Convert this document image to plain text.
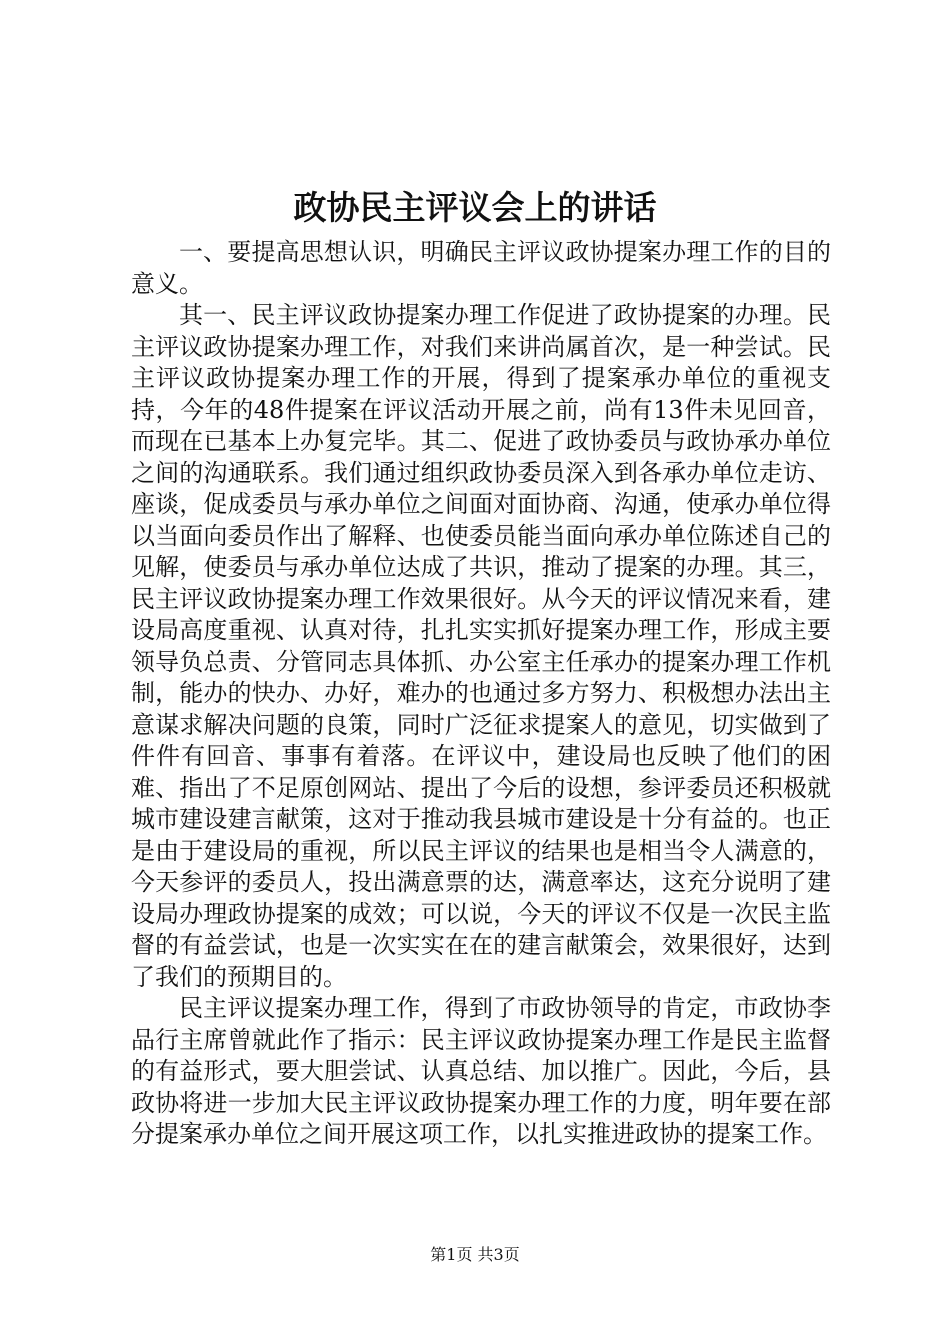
政协民主评议会上的讲话

一、要提高思想认识，明确民主评议政协提案办理工作的目的意义。

其一、民主评议政协提案办理工作促进了政协提案的办理。民主评议政协提案办理工作，对我们来讲尚属首次，是一种尝试。民主评议政协提案办理工作的开展，得到了提案承办单位的重视支持，今年的48件提案在评议活动开展之前，尚有13件未见回音，而现在已基本上办复完毕。其二、促进了政协委员与政协承办单位之间的沟通联系。我们通过组织政协委员深入到各承办单位走访、座谈，促成委员与承办单位之间面对面协商、沟通，使承办单位得以当面向委员作出了解释、也使委员能当面向承办单位陈述自己的见解，使委员与承办单位达成了共识，推动了提案的办理。其三，民主评议政协提案办理工作效果很好。从今天的评议情况来看，建设局高度重视、认真对待，扎扎实实抓好提案办理工作，形成主要领导负总责、分管同志具体抓、办公室主任承办的提案办理工作机制，能办的快办、办好，难办的也通过多方努力、积极想办法出主意谋求解决问题的良策，同时广泛征求提案人的意见，切实做到了件件有回音、事事有着落。在评议中，建设局也反映了他们的困难、指出了不足原创网站、提出了今后的设想，参评委员还积极就城市建设建言献策，这对于推动我县城市建设是十分有益的。也正是由于建设局的重视，所以民主评议的结果也是相当令人满意的，今天参评的委员人，投出满意票的达，满意率达，这充分说明了建设局办理政协提案的成效；可以说，今天的评议不仅是一次民主监督的有益尝试，也是一次实实在在的建言献策会，效果很好，达到了我们的预期目的。

民主评议提案办理工作，得到了市政协领导的肯定，市政协李品行主席曾就此作了指示：民主评议政协提案办理工作是民主监督的有益形式，要大胆尝试、认真总结、加以推广。因此，今后，县政协将进一步加大民主评议政协提案办理工作的力度，明年要在部分提案承办单位之间开展这项工作，以扎实推进政协的提案工作。

第1页 共3页
